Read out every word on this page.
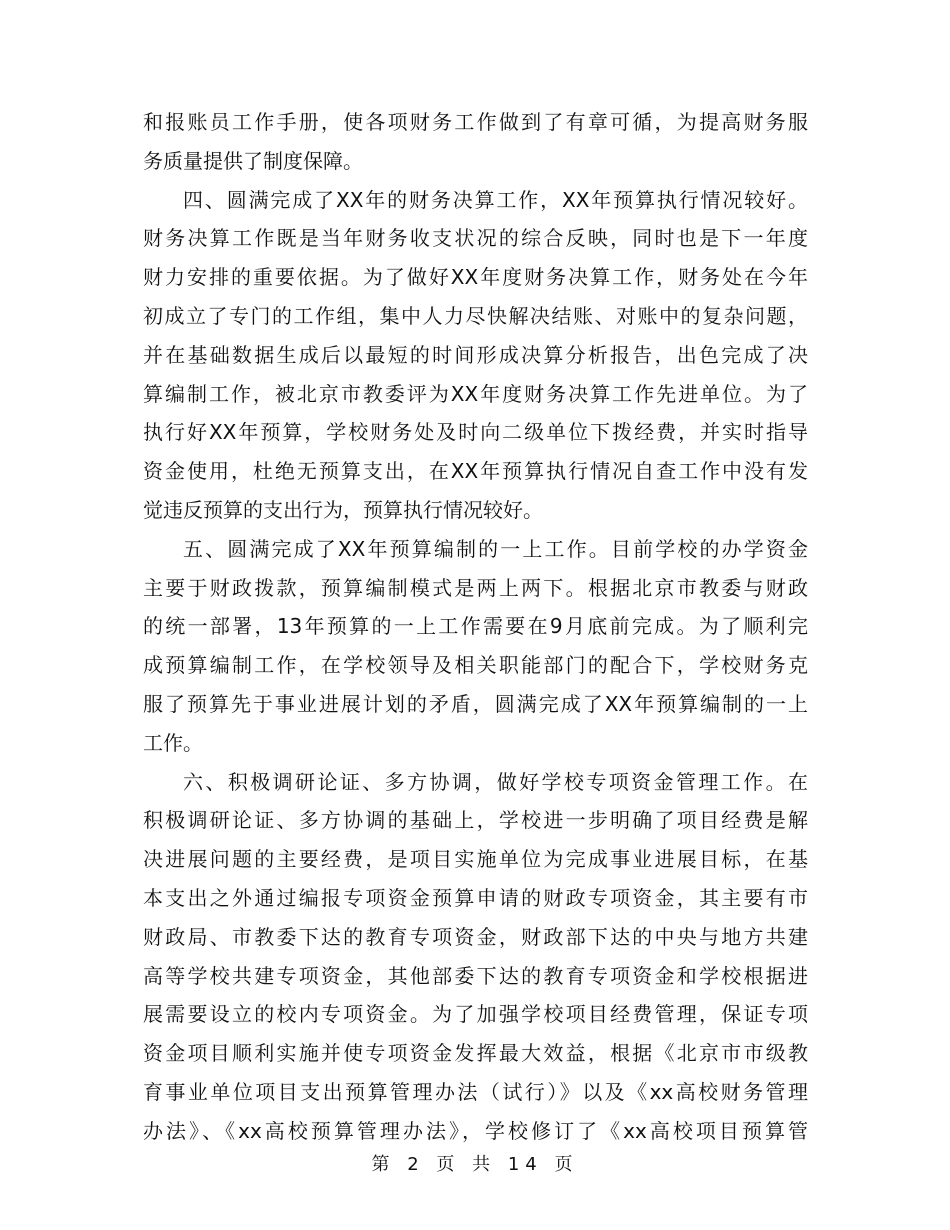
和报账员工作手册，使各项财务工作做到了有章可循，为提高财务服
务质量提供了制度保障。
四、圆满完成了XX年的财务决算工作，XX年预算执行情况较好。
财务决算工作既是当年财务收支状况的综合反映，同时也是下一年度
财力安排的重要依据。为了做好XX年度财务决算工作，财务处在今年
初成立了专门的工作组，集中人力尽快解决结账、对账中的复杂问题，
并在基础数据生成后以最短的时间形成决算分析报告，出色完成了决
算编制工作，被北京市教委评为XX年度财务决算工作先进单位。为了
执行好XX年预算，学校财务处及时向二级单位下拨经费，并实时指导
资金使用，杜绝无预算支出，在XX年预算执行情况自查工作中没有发
觉违反预算的支出行为，预算执行情况较好。
五、圆满完成了XX年预算编制的一上工作。目前学校的办学资金
主要于财政拨款，预算编制模式是两上两下。根据北京市教委与财政
的统一部署，13年预算的一上工作需要在9月底前完成。为了顺利完
成预算编制工作，在学校领导及相关职能部门的配合下，学校财务克
服了预算先于事业进展计划的矛盾，圆满完成了XX年预算编制的一上
工作。
六、积极调研论证、多方协调，做好学校专项资金管理工作。在
积极调研论证、多方协调的基础上，学校进一步明确了项目经费是解
决进展问题的主要经费，是项目实施单位为完成事业进展目标，在基
本支出之外通过编报专项资金预算申请的财政专项资金，其主要有市
财政局、市教委下达的教育专项资金，财政部下达的中央与地方共建
高等学校共建专项资金，其他部委下达的教育专项资金和学校根据进
展需要设立的校内专项资金。为了加强学校项目经费管理，保证专项
资金项目顺利实施并使专项资金发挥最大效益，根据《北京市市级教
育事业单位项目支出预算管理办法（试行）》以及《xx高校财务管理
办法》、《xx高校预算管理办法》，学校修订了《xx高校项目预算管
第 2 页 共 14 页
